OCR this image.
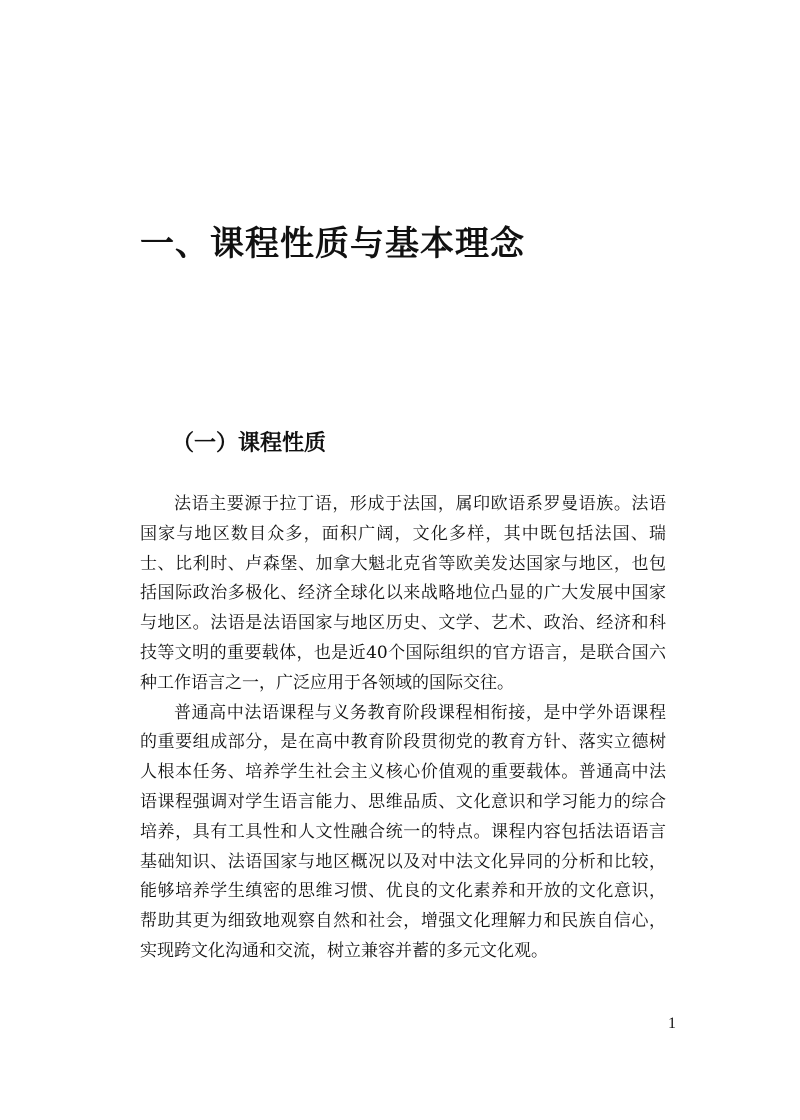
一、课程性质与基本理念
（一）课程性质

法语主要源于拉丁语，形成于法国，属印欧语系罗曼语族。法语国家与地区数目众多，面积广阔，文化多样，其中既包括法国、瑞士、比利时、卢森堡、加拿大魁北克省等欧美发达国家与地区，也包括国际政治多极化、经济全球化以来战略地位凸显的广大发展中国家与地区。法语是法语国家与地区历史、文学、艺术、政治、经济和科技等文明的重要载体，也是近40个国际组织的官方语言，是联合国六种工作语言之一，广泛应用于各领域的国际交往。

普通高中法语课程与义务教育阶段课程相衔接，是中学外语课程的重要组成部分，是在高中教育阶段贯彻党的教育方针、落实立德树人根本任务、培养学生社会主义核心价值观的重要载体。普通高中法语课程强调对学生语言能力、思维品质、文化意识和学习能力的综合培养，具有工具性和人文性融合统一的特点。课程内容包括法语语言基础知识、法语国家与地区概况以及对中法文化异同的分析和比较，能够培养学生缜密的思维习惯、优良的文化素养和开放的文化意识，帮助其更为细致地观察自然和社会，增强文化理解力和民族自信心，实现跨文化沟通和交流，树立兼容并蓄的多元文化观。

1
